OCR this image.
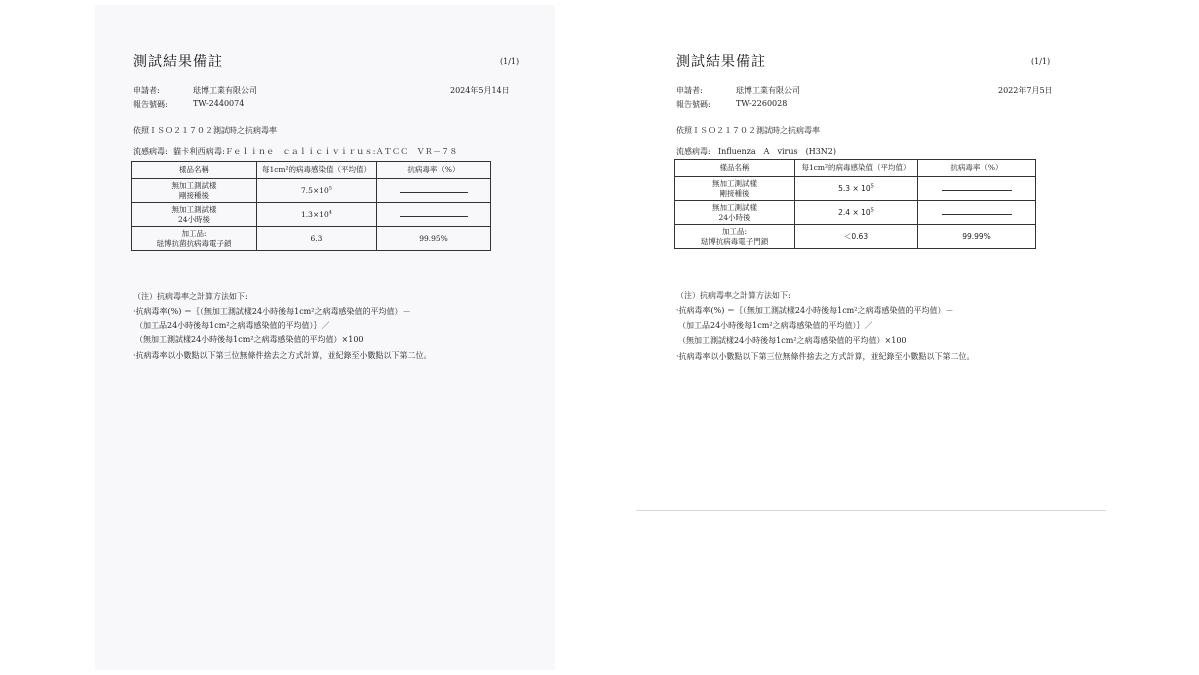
測試結果備註	(1/1)
申請者:	琺博工業有限公司	2024年5月14日
報告號碼:	TW-2440074
依照ＩＳＯ２１７０２測試時之抗病毒率
流感病毒: 貓卡利西病毒:Ｆｅｌｉｎｅ　ｃａｌｉｃｉｖｉｒｕｓ:ＡＴＣＣ　ＶＲ－７８
樣品名稱	每1cm²的病毒感染值（平均值）	抗病毒率（%）

無加工測試樣
剛接種後	$7.5\times 10^5$	

無加工測試樣
24小時後	$1.3\times 10^4$	

加工品:
琺博抗菌抗病毒電子鎖	6.3	99.95%
（注）抗病毒率之計算方法如下:
·抗病毒率(%) ＝｛（無加工測試樣24小時後每1cm²之病毒感染值的平均值）－
（加工品24小時後每1cm²之病毒感染值的平均值）｝／
（無加工測試樣24小時後每1cm²之病毒感染值的平均值）×100
·抗病毒率以小數點以下第三位無條件捨去之方式計算，並紀錄至小數點以下第二位。
測試結果備註	(1/1)
申請者:	琺博工業有限公司	2022年7月5日
報告號碼:	TW-2260028
依照ＩＳＯ２１７０２測試時之抗病毒率
流感病毒: Influenza　A　virus　(H3N2)
樣品名稱	每1cm²的病毒感染值（平均值）	抗病毒率（%）

無加工測試樣
剛接種後	$5.3 \times 10^5$	

無加工測試樣
24小時後	$2.4 \times 10^5$	

加工品:
琺博抗病毒電子門鎖	＜0.63	99.99%
（注）抗病毒率之計算方法如下:
·抗病毒率(%) ＝｛（無加工測試樣24小時後每1cm²之病毒感染值的平均值）－
（加工品24小時後每1cm²之病毒感染值的平均值）｝／
（無加工測試樣24小時後每1cm²之病毒感染值的平均值）×100
·抗病毒率以小數點以下第三位無條件捨去之方式計算，並紀錄至小數點以下第二位。
